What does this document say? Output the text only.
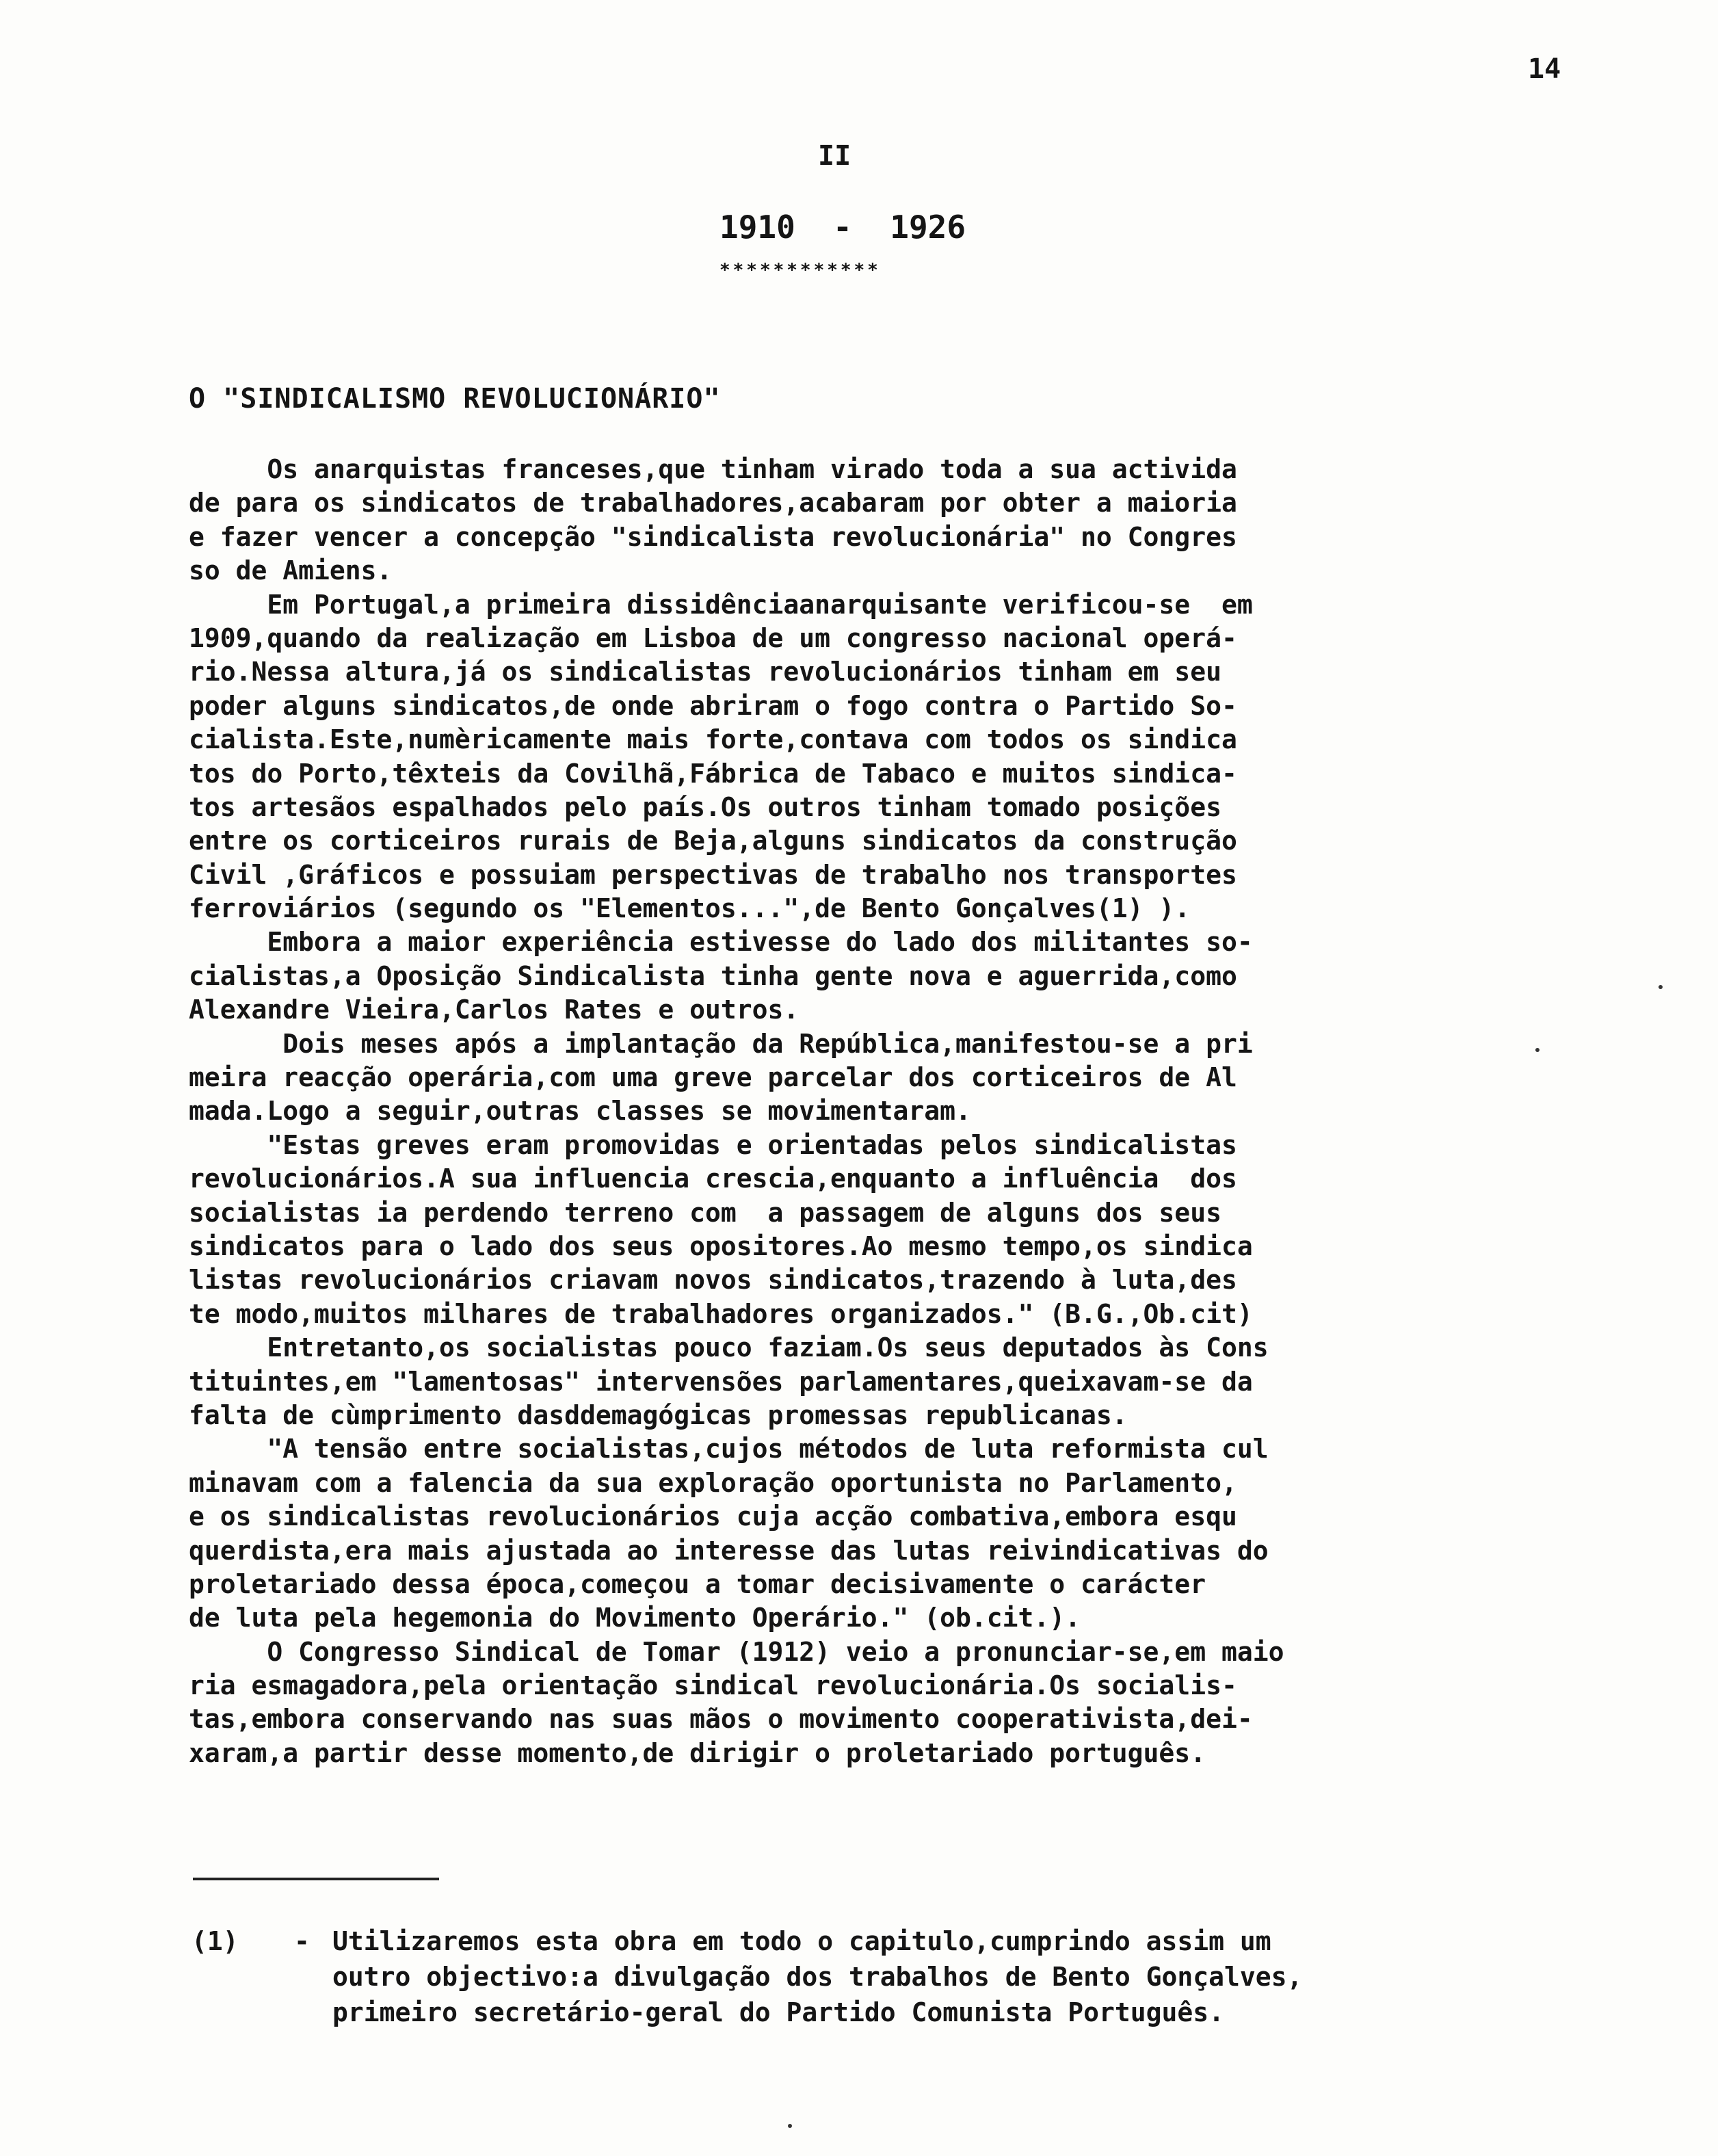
14
II
1910  -  1926
************
O "SINDICALISMO REVOLUCIONÁRIO"
Os anarquistas franceses,que tinham virado toda a sua activida
de para os sindicatos de trabalhadores,acabaram por obter a maioria
e fazer vencer a concepção "sindicalista revolucionária" no Congres
so de Amiens.
Em Portugal,a primeira dissidênciaanarquisante verificou-se  em
1909,quando da realização em Lisboa de um congresso nacional operá-
rio.Nessa altura,já os sindicalistas revolucionários tinham em seu
poder alguns sindicatos,de onde abriram o fogo contra o Partido So-
cialista.Este,numèricamente mais forte,contava com todos os sindica
tos do Porto,têxteis da Covilhã,Fábrica de Tabaco e muitos sindica-
tos artesãos espalhados pelo país.Os outros tinham tomado posições
entre os corticeiros rurais de Beja,alguns sindicatos da construção
Civil ,Gráficos e possuiam perspectivas de trabalho nos transportes
ferroviários (segundo os "Elementos...",de Bento Gonçalves(1) ).
Embora a maior experiência estivesse do lado dos militantes so-
cialistas,a Oposição Sindicalista tinha gente nova e aguerrida,como
Alexandre Vieira,Carlos Rates e outros.
Dois meses após a implantação da República,manifestou-se a pri
meira reacção operária,com uma greve parcelar dos corticeiros de Al
mada.Logo a seguir,outras classes se movimentaram.
"Estas greves eram promovidas e orientadas pelos sindicalistas
revolucionários.A sua influencia crescia,enquanto a influência  dos
socialistas ia perdendo terreno com  a passagem de alguns dos seus
sindicatos para o lado dos seus opositores.Ao mesmo tempo,os sindica
listas revolucionários criavam novos sindicatos,trazendo à luta,des
te modo,muitos milhares de trabalhadores organizados." (B.G.,Ob.cit)
Entretanto,os socialistas pouco faziam.Os seus deputados às Cons
tituintes,em "lamentosas" intervensões parlamentares,queixavam-se da
falta de cùmprimento dasddemagógicas promessas republicanas.
"A tensão entre socialistas,cujos métodos de luta reformista cul
minavam com a falencia da sua exploração oportunista no Parlamento,
e os sindicalistas revolucionários cuja acção combativa,embora esqu
querdista,era mais ajustada ao interesse das lutas reivindicativas do
proletariado dessa época,começou a tomar decisivamente o carácter
de luta pela hegemonia do Movimento Operário." (ob.cit.).
O Congresso Sindical de Tomar (1912) veio a pronunciar-se,em maio
ria esmagadora,pela orientação sindical revolucionária.Os socialis-
tas,embora conservando nas suas mãos o movimento cooperativista,dei-
xaram,a partir desse momento,de dirigir o proletariado português.
(1)	- Utilizaremos esta obra em todo o capitulo,cumprindo assim um
outro objectivo:a divulgação dos trabalhos de Bento Gonçalves,
primeiro secretário-geral do Partido Comunista Português.
